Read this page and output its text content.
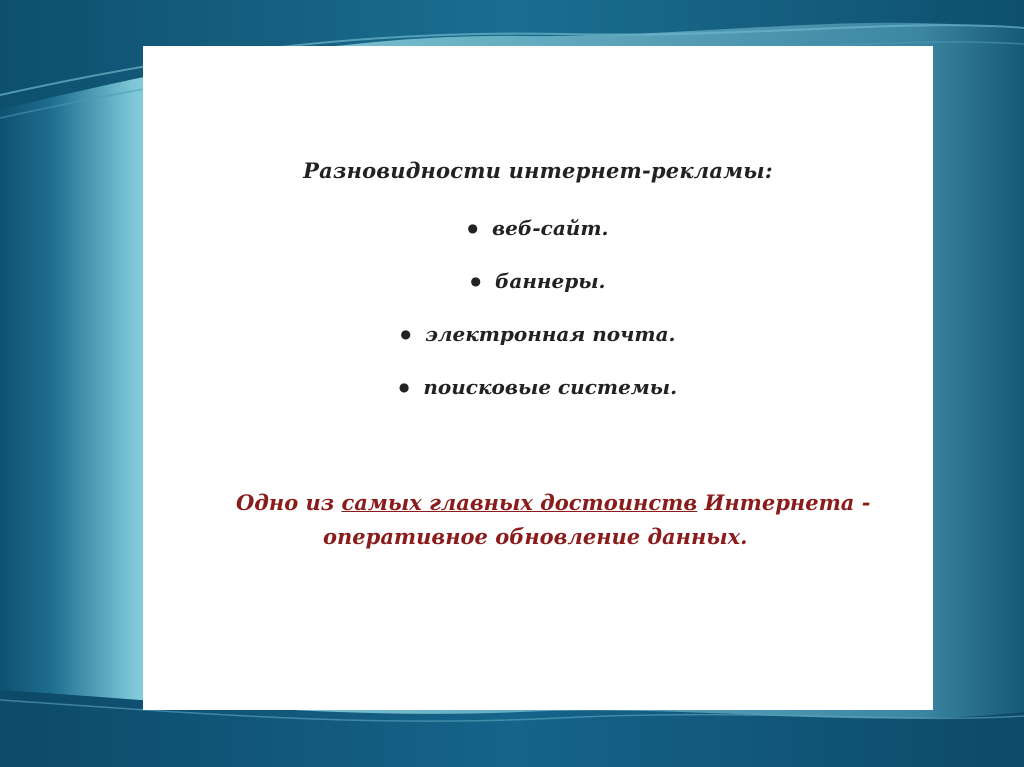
Разновидности интернет-рекламы:
● веб-сайт.
● баннеры.
● электронная почта.
● поисковые системы.
Одно из самых главных достоинств Интернета -
оперативное обновление данных.
